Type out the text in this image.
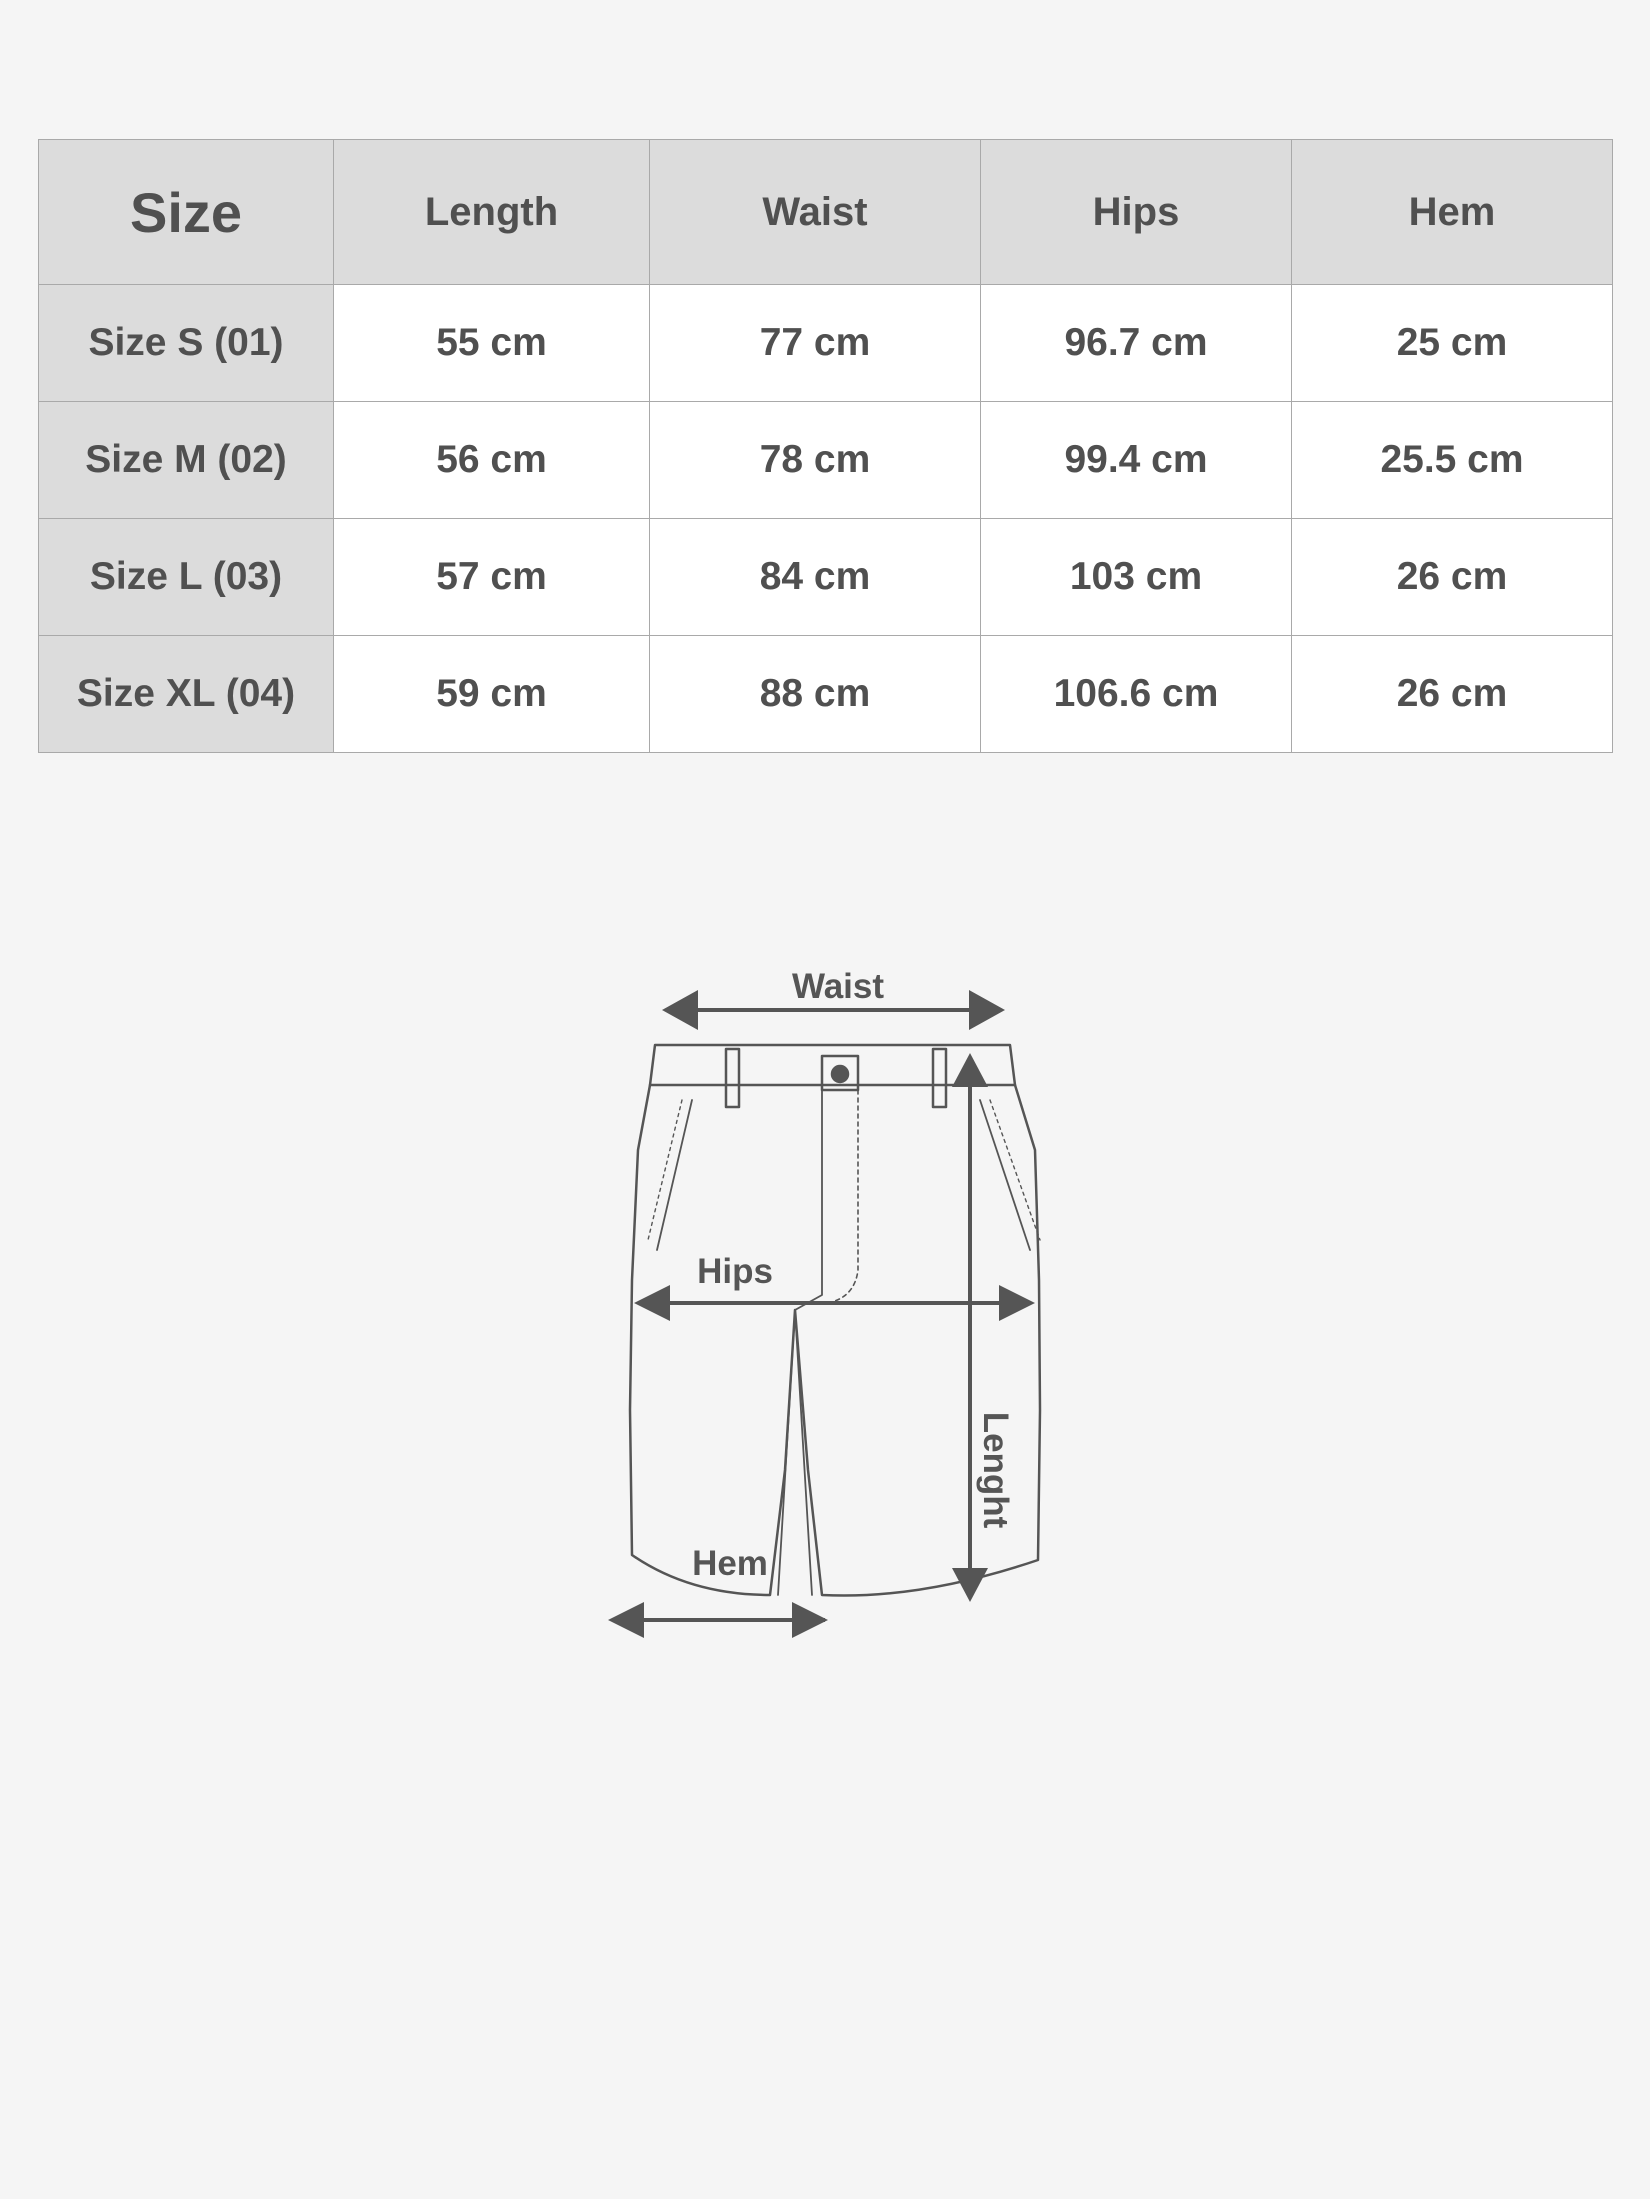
Size	Length	Waist	Hips	Hem
Size S (01)	55 cm	77 cm	96.7 cm	25 cm
Size M (02)	56 cm	78 cm	99.4 cm	25.5 cm
Size L (03)	57 cm	84 cm	103 cm	26 cm
Size XL (04)	59 cm	88 cm	106.6 cm	26 cm
Waist
Hips
Hem
Lenght
